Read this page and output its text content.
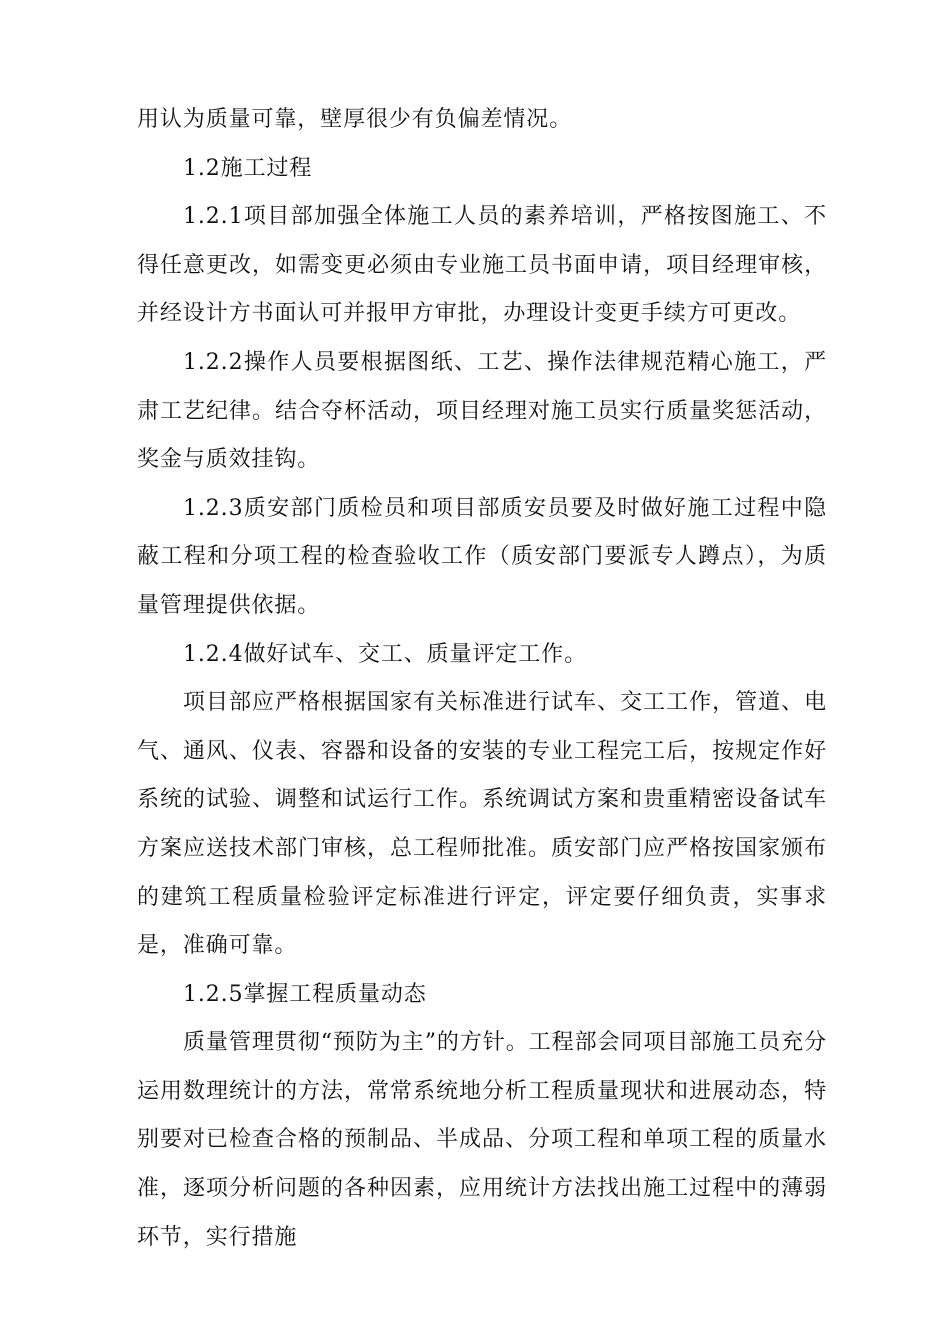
用认为质量可靠，壁厚很少有负偏差情况。

1.2施工过程

1.2.1项目部加强全体施工人员的素养培训，严格按图施工、不得任意更改，如需变更必须由专业施工员书面申请，项目经理审核，并经设计方书面认可并报甲方审批，办理设计变更手续方可更改。

1.2.2操作人员要根据图纸、工艺、操作法律规范精心施工，严肃工艺纪律。结合夺杯活动，项目经理对施工员实行质量奖惩活动，奖金与质效挂钩。

1.2.3质安部门质检员和项目部质安员要及时做好施工过程中隐蔽工程和分项工程的检查验收工作（质安部门要派专人蹲点），为质量管理提供依据。

1.2.4做好试车、交工、质量评定工作。

项目部应严格根据国家有关标准进行试车、交工工作，管道、电气、通风、仪表、容器和设备的安装的专业工程完工后，按规定作好系统的试验、调整和试运行工作。系统调试方案和贵重精密设备试车方案应送技术部门审核，总工程师批准。质安部门应严格按国家颁布的建筑工程质量检验评定标准进行评定，评定要仔细负责，实事求是，准确可靠。

1.2.5掌握工程质量动态

质量管理贯彻“预防为主”的方针。工程部会同项目部施工员充分运用数理统计的方法，常常系统地分析工程质量现状和进展动态，特别要对已检查合格的预制品、半成品、分项工程和单项工程的质量水准，逐项分析问题的各种因素，应用统计方法找出施工过程中的薄弱环节，实行措施
